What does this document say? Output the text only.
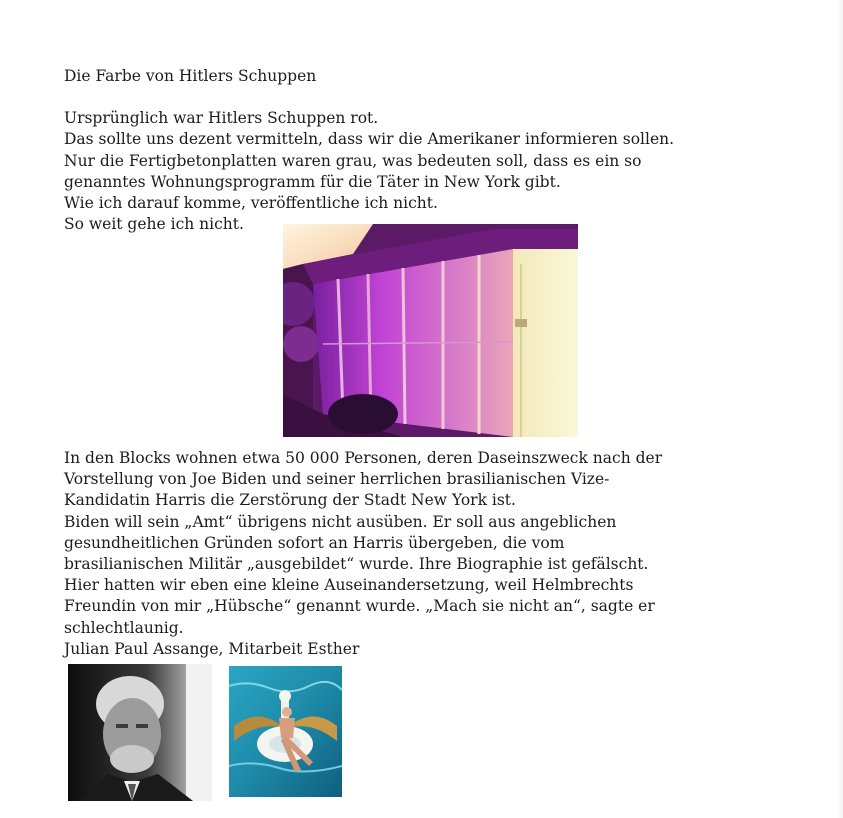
Die Farbe von Hitlers Schuppen

Ursprünglich war Hitlers Schuppen rot.

Das sollte uns dezent vermitteln, dass wir die Amerikaner informieren sollen.

Nur die Fertigbetonplatten waren grau, was bedeuten soll, dass es ein so

genanntes Wohnungsprogramm für die Täter in New York gibt.

Wie ich darauf komme, veröffentliche ich nicht.

So weit gehe ich nicht.

In den Blocks wohnen etwa 50 000 Personen, deren Daseinszweck nach der

Vorstellung von Joe Biden und seiner herrlichen brasilianischen Vize-

Kandidatin Harris die Zerstörung der Stadt New York ist.

Biden will sein „Amt“ übrigens nicht ausüben. Er soll aus angeblichen

gesundheitlichen Gründen sofort an Harris übergeben, die vom

brasilianischen Militär „ausgebildet“ wurde. Ihre Biographie ist gefälscht.

Hier hatten wir eben eine kleine Auseinandersetzung, weil Helmbrechts

Freundin von mir „Hübsche“ genannt wurde. „Mach sie nicht an“, sagte er

schlechtlaunig.

Julian Paul Assange, Mitarbeit Esther
